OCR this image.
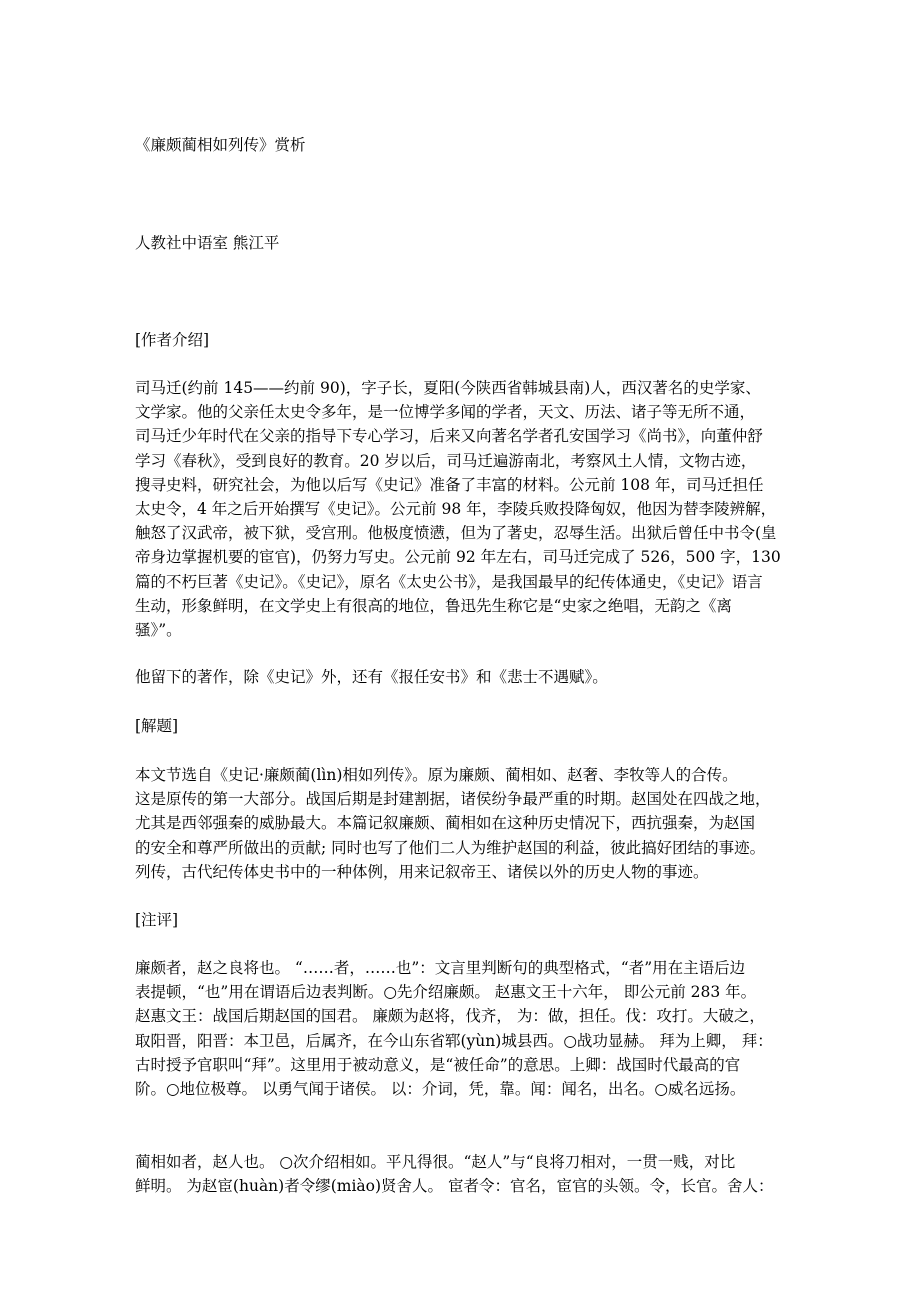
《廉颇蔺相如列传》赏析
人教社中语室 熊江平
[作者介绍]
司马迁(约前 145——约前 90)，字子长，夏阳(今陕西省韩城县南)人，西汉著名的史学家、
文学家。他的父亲任太史令多年，是一位博学多闻的学者，天文、历法、诸子等无所不通，
司马迁少年时代在父亲的指导下专心学习，后来又向著名学者孔安国学习《尚书》，向董仲舒
学习《春秋》，受到良好的教育。20 岁以后，司马迁遍游南北，考察风土人情，文物古迹，
搜寻史料，研究社会，为他以后写《史记》准备了丰富的材料。公元前 108 年，司马迁担任
太史令，4 年之后开始撰写《史记》。公元前 98 年，李陵兵败投降匈奴，他因为替李陵辨解，
触怒了汉武帝，被下狱，受宫刑。他极度愤懑，但为了著史，忍辱生活。出狱后曾任中书令(皇
帝身边掌握机要的宦官)，仍努力写史。公元前 92 年左右，司马迁完成了 526，500 字，130
篇的不朽巨著《史记》。《史记》，原名《太史公书》，是我国最早的纪传体通史，《史记》语言
生动，形象鲜明，在文学史上有很高的地位，鲁迅先生称它是“史家之绝唱，无韵之《离
骚》”。
他留下的著作，除《史记》外，还有《报任安书》和《悲士不遇赋》。
[解题]
本文节选自《史记·廉颇蔺(lìn)相如列传》。原为廉颇、蔺相如、赵奢、李牧等人的合传。
这是原传的第一大部分。战国后期是封建割据，诸侯纷争最严重的时期。赵国处在四战之地，
尤其是西邻强秦的威胁最大。本篇记叙廉颇、蔺相如在这种历史情况下，西抗强秦，为赵国
的安全和尊严所做出的贡献; 同时也写了他们二人为维护赵国的利益，彼此搞好团结的事迹。
列传，古代纪传体史书中的一种体例，用来记叙帝王、诸侯以外的历史人物的事迹。
[注评]
廉颇者，赵之良将也。 “……者，……也”：文言里判断句的典型格式，“者”用在主语后边
表提顿，“也”用在谓语后边表判断。○先介绍廉颇。 赵惠文王十六年， 即公元前 283 年。
赵惠文王：战国后期赵国的国君。 廉颇为赵将，伐齐， 为：做，担任。伐：攻打。大破之，
取阳晋，阳晋：本卫邑，后属齐，在今山东省郓(yùn)城县西。○战功显赫。 拜为上卿， 拜：
古时授予官职叫“拜”。这里用于被动意义，是“被任命”的意思。上卿：战国时代最高的官
阶。○地位极尊。 以勇气闻于诸侯。 以：介词，凭，靠。闻：闻名，出名。○威名远扬。
蔺相如者，赵人也。 ○次介绍相如。平凡得很。“赵人”与“良将刀相对，一贯一贱，对比
鲜明。 为赵宦(huàn)者令缪(miào)贤舍人。 宦者令：官名，宦官的头领。令，长官。舍人：
